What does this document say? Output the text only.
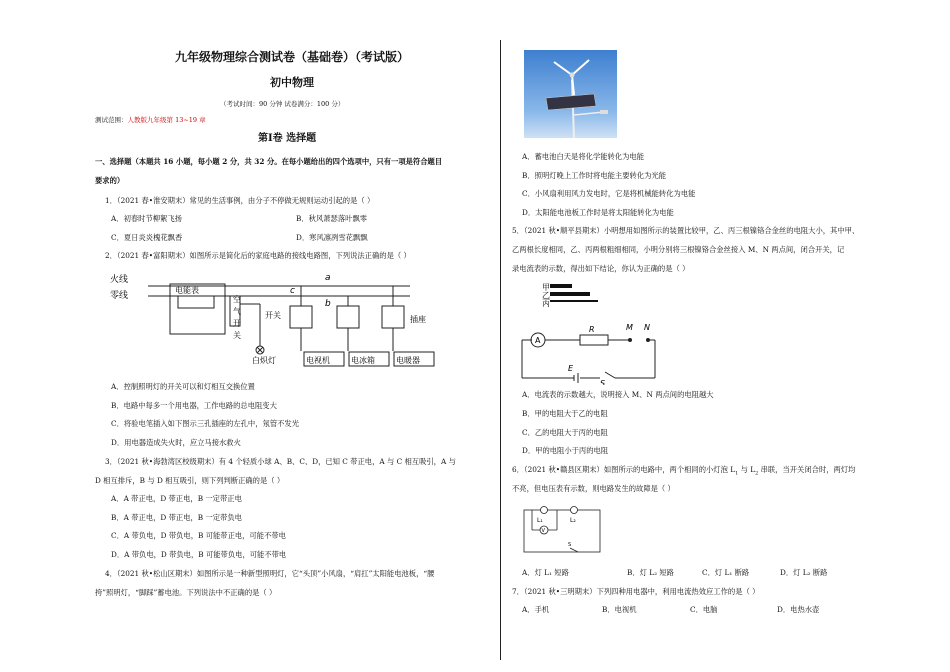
九年级物理综合测试卷（基础卷）（考试版）
初中物理
（考试时间：90 分钟 试卷满分：100 分）
测试范围：人教版九年级第 13~19 章
第Ⅰ卷 选择题
一、选择题（本题共 16 小题，每小题 2 分，共 32 分。在每小题给出的四个选项中，只有一项是符合题目
要求的）
1．（2021 春•淮安期末）常见的生活事例，由分子不停做无规则运动引起的是（ ）
A．初春时节柳絮飞扬	B．秋风萧瑟落叶飘零
C．夏日炎炎槐花飘香	D．寒风凛冽雪花飘飘
2．（2021 春•富阳期末）如图所示是简化后的家庭电路的接线电路图，下列说法正确的是（ ）
火线
零线
电能表
空
气
开
关
开关
白炽灯	电视机	电冰箱	电暖器
插座
a
b
c
A．控制照明灯的开关可以和灯相互交换位置
B．电路中每多一个用电器，工作电路的总电阻变大
C．将验电笔插入如下图示三孔插座的左孔中，氖管不发光
D．用电器造成失火时，应立马接水救火
3．（2021 秋•海勃湾区校级期末）有 4 个轻质小球 A、B、C、D，已知 C 带正电，A 与 C 相互吸引，A 与
D 相互排斥，B 与 D 相互吸引，则下列判断正确的是（ ）
A．A 带正电，D 带正电，B 一定带正电
B．A 带正电，D 带正电，B 一定带负电
C．A 带负电，D 带负电，B 可能带正电，可能不带电
D．A 带负电，D 带负电，B 可能带负电，可能不带电
4．（2021 秋•松山区期末）如图所示是一种新型照明灯，它“头顶”小风扇，“肩扛”太阳能电池板，“腰
挎”照明灯，“脚踩”蓄电池。下列说法中不正确的是（ ）
A．蓄电池白天是将化学能转化为电能
B．照明灯晚上工作时将电能主要转化为光能
C．小风扇利用风力发电时，它是将机械能转化为电能
D．太阳能电池板工作时是将太阳能转化为电能
5．（2021 秋•顺平县期末）小明想用如图所示的装置比较甲，乙、丙三根镍铬合金丝的电阻大小，其中甲、
乙两根长度相同，乙、丙两根粗细相同，小明分别将三根镍铬合金丝接入 M、N 两点间，闭合开关，记
录电流表的示数，得出如下结论，你认为正确的是（ ）
甲
乙
丙
A
R	M N
E
S
A．电流表的示数越大，说明接入 M、N 两点间的电阻越大
B．甲的电阻大于乙的电阻
C．乙的电阻大于丙的电阻
D．甲的电阻小于丙的电阻
6．（2021 秋•赣县区期末）如图所示的电路中，两个相同的小灯泡 $L_1$ 与 $L_2$ 串联，当开关闭合时，两灯均
不亮，但电压表有示数，则电路发生的故障是（ ）
L₁	L₂
V
S
A．灯 L₁ 短路	B．灯 L₂ 短路	C．灯 L₁ 断路	D．灯 L₂ 断路
7．（2021 秋•三明期末）下列四种用电器中，利用电流热效应工作的是（ ）
A．手机	B．电视机	C．电脑	D．电热水壶
